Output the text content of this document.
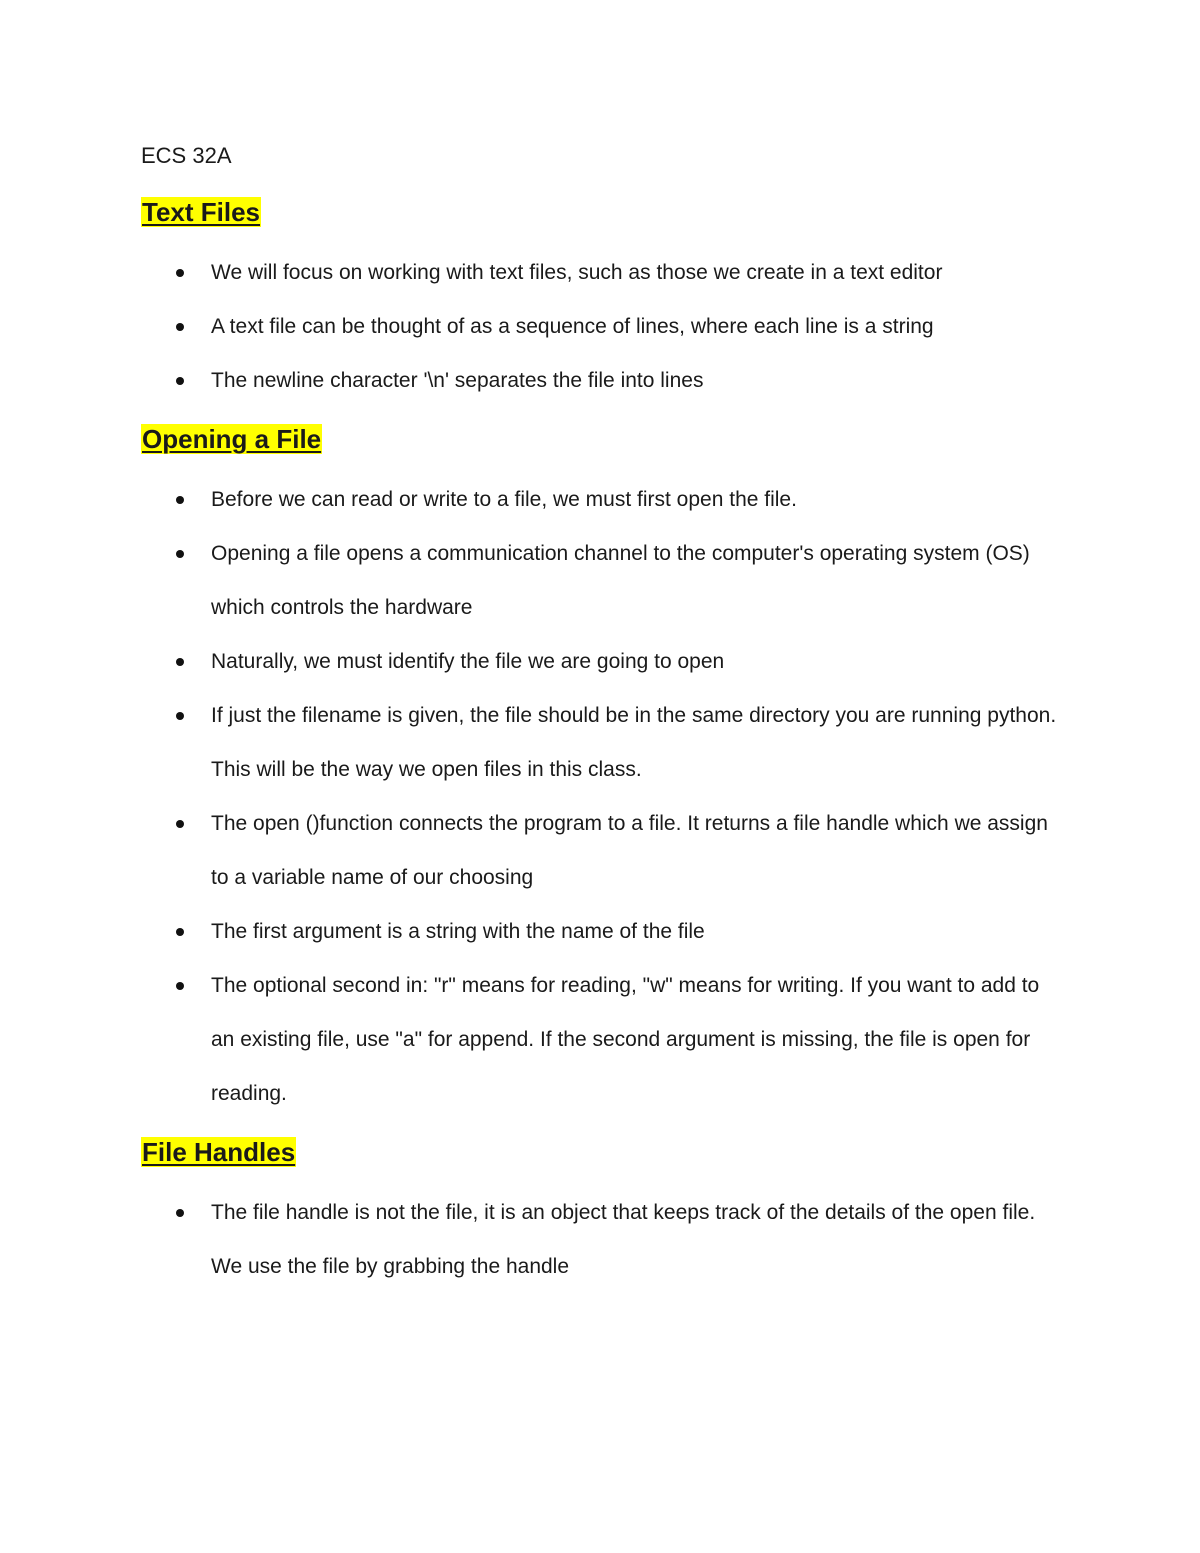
ECS 32A
Text Files
We will focus on working with text files, such as those we create in a text editor
A text file can be thought of as a sequence of lines, where each line is a string
The newline character '\n' separates the file into lines
Opening a File
Before we can read or write to a file, we must first open the file.
Opening a file opens a communication channel to the computer's operating system (OS) which controls the hardware
Naturally, we must identify the file we are going to open
If just the filename is given, the file should be in the same directory you are running python. This will be the way we open files in this class.
The open ()function connects the program to a file. It returns a file handle which we assign to a variable name of our choosing
The first argument is a string with the name of the file
The optional second in: "r" means for reading, "w" means for writing. If you want to add to an existing file, use "a" for append. If the second argument is missing, the file is open for reading.
File Handles
The file handle is not the file, it is an object that keeps track of the details of the open file. We use the file by grabbing the handle
